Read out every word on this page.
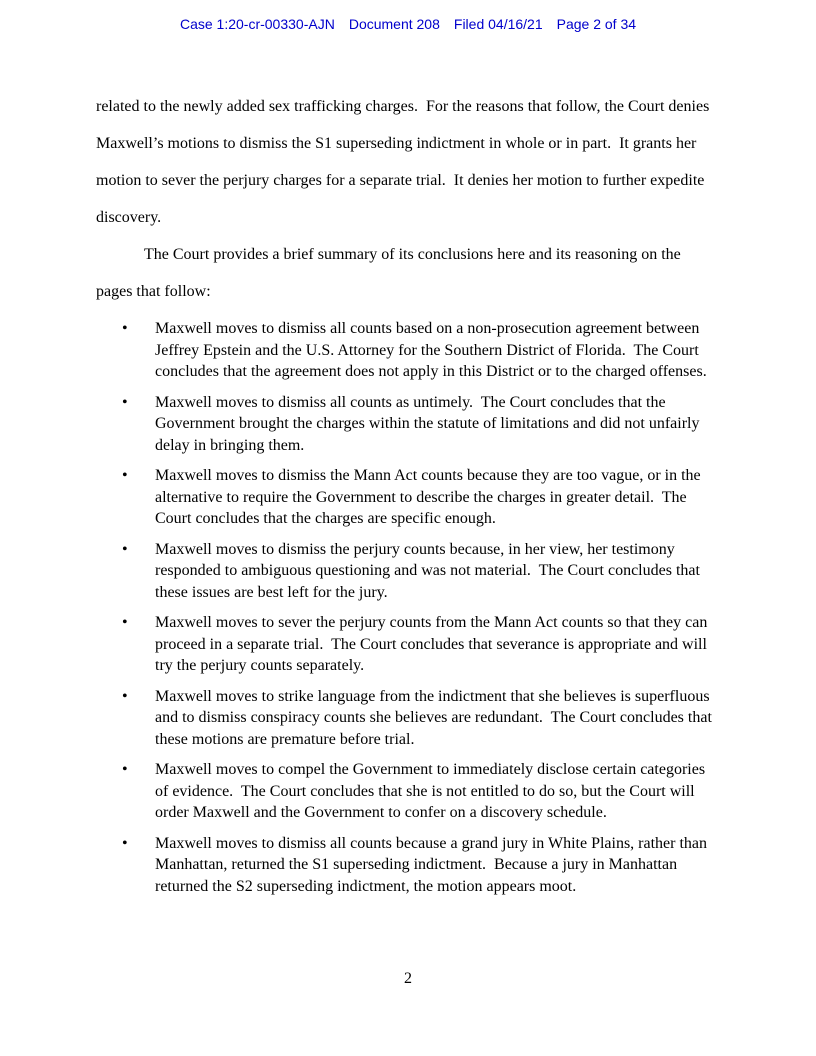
Case 1:20-cr-00330-AJN Document 208 Filed 04/16/21 Page 2 of 34

related to the newly added sex trafficking charges.  For the reasons that follow, the Court denies Maxwell’s motions to dismiss the S1 superseding indictment in whole or in part.  It grants her motion to sever the perjury charges for a separate trial.  It denies her motion to further expedite discovery.

The Court provides a brief summary of its conclusions here and its reasoning on the pages that follow:

• Maxwell moves to dismiss all counts based on a non-prosecution agreement between Jeffrey Epstein and the U.S. Attorney for the Southern District of Florida.  The Court concludes that the agreement does not apply in this District or to the charged offenses.
• Maxwell moves to dismiss all counts as untimely.  The Court concludes that the Government brought the charges within the statute of limitations and did not unfairly delay in bringing them.
• Maxwell moves to dismiss the Mann Act counts because they are too vague, or in the alternative to require the Government to describe the charges in greater detail.  The Court concludes that the charges are specific enough.
• Maxwell moves to dismiss the perjury counts because, in her view, her testimony responded to ambiguous questioning and was not material.  The Court concludes that these issues are best left for the jury.
• Maxwell moves to sever the perjury counts from the Mann Act counts so that they can proceed in a separate trial.  The Court concludes that severance is appropriate and will try the perjury counts separately.
• Maxwell moves to strike language from the indictment that she believes is superfluous and to dismiss conspiracy counts she believes are redundant.  The Court concludes that these motions are premature before trial.
• Maxwell moves to compel the Government to immediately disclose certain categories of evidence.  The Court concludes that she is not entitled to do so, but the Court will order Maxwell and the Government to confer on a discovery schedule.
• Maxwell moves to dismiss all counts because a grand jury in White Plains, rather than Manhattan, returned the S1 superseding indictment.  Because a jury in Manhattan returned the S2 superseding indictment, the motion appears moot.
2
